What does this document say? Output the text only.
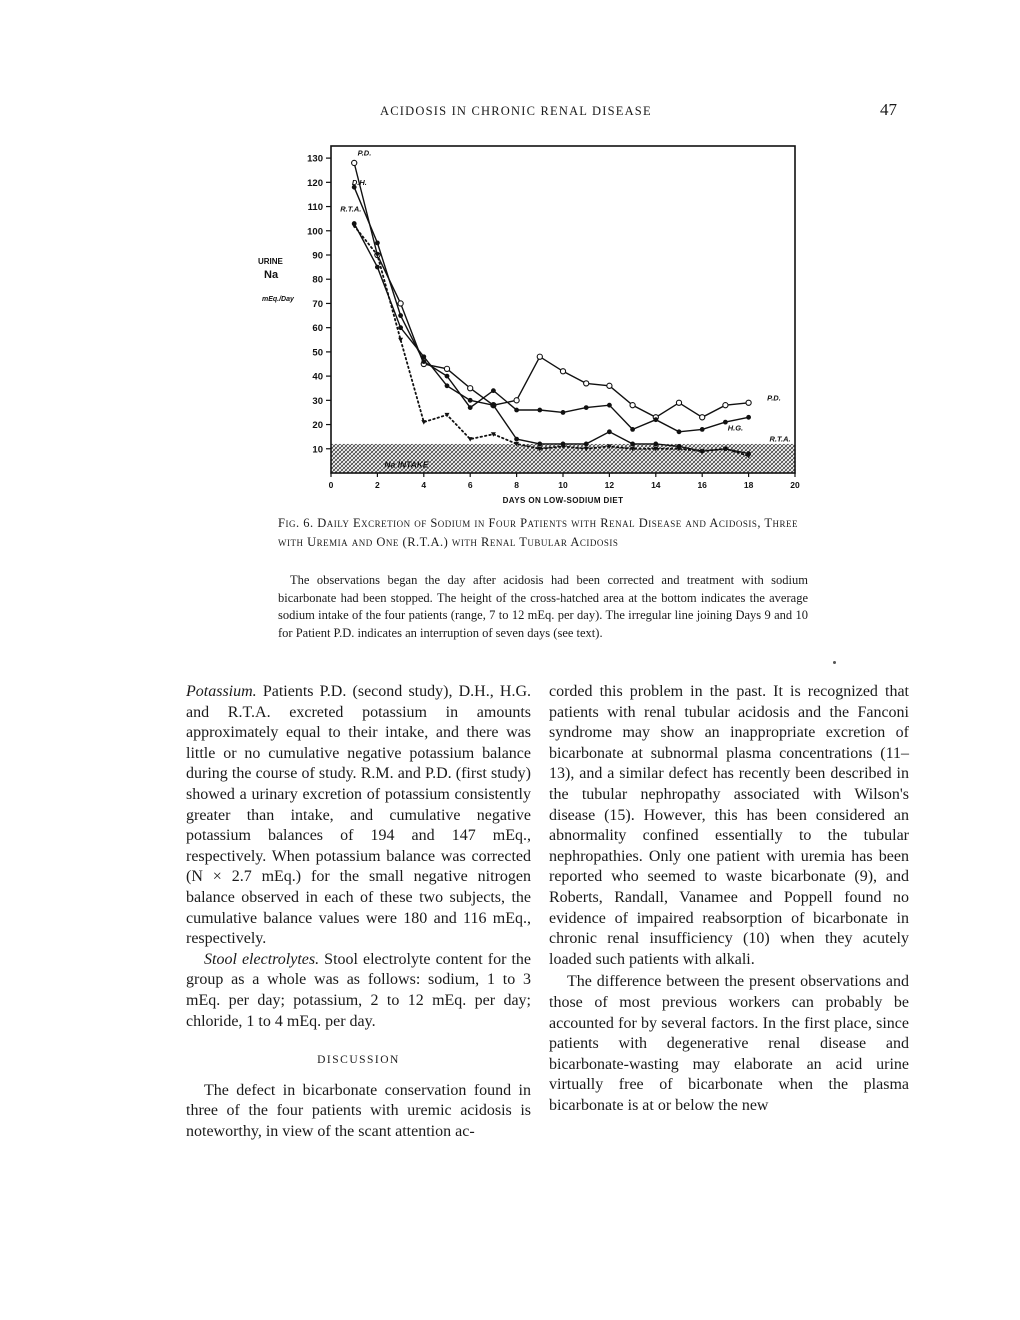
ACIDOSIS IN CHRONIC RENAL DISEASE	47
Na INTAKE
10
20
30
40
50
60
70
80
90
100
110
120
130
0	2	4	6	8	10	12	14	16	18	20
DAYS ON LOW-SODIUM DIET
URINE
Na
mEq./Day
P.D.
D.H.
R.T.A.
H.G.
R.T.A.
P.D.
Fig. 6. Daily Excretion of Sodium in Four Patients with Renal Disease and Acidosis, Three with Uremia and One (R.T.A.) with Renal Tubular Acidosis
The observations began the day after acidosis had been corrected and treatment with sodium bicarbonate had been stopped. The height of the cross-hatched area at the bottom indicates the average sodium intake of the four patients (range, 7 to 12 mEq. per day). The irregular line joining Days 9 and 10 for Patient P.D. indicates an interruption of seven days (see text).

Potassium. Patients P.D. (second study), D.H., H.G. and R.T.A. excreted potassium in amounts approximately equal to their intake, and there was little or no cumulative negative potassium balance during the course of study. R.M. and P.D. (first study) showed a urinary excretion of potassium consistently greater than intake, and cumulative negative potassium balances of 194 and 147 mEq., respectively. When potassium balance was corrected (N × 2.7 mEq.) for the small negative nitrogen balance observed in each of these two subjects, the cumulative balance values were 180 and 116 mEq., respectively.

Stool electrolytes. Stool electrolyte content for the group as a whole was as follows: sodium, 1 to 3 mEq. per day; potassium, 2 to 12 mEq. per day; chloride, 1 to 4 mEq. per day.

DISCUSSION

The defect in bicarbonate conservation found in three of the four patients with uremic acidosis is noteworthy, in view of the scant attention ac-

corded this problem in the past. It is recognized that patients with renal tubular acidosis and the Fanconi syndrome may show an inappropriate excretion of bicarbonate at subnormal plasma concentrations (11–13), and a similar defect has recently been described in the tubular nephropathy associated with Wilson's disease (15). However, this has been considered an abnormality confined essentially to the tubular nephropathies. Only one patient with uremia has been reported who seemed to waste bicarbonate (9), and Roberts, Randall, Vanamee and Poppell found no evidence of impaired reabsorption of bicarbonate in chronic renal insufficiency (10) when they acutely loaded such patients with alkali.

The difference between the present observations and those of most previous workers can probably be accounted for by several factors. In the first place, since patients with degenerative renal disease and bicarbonate-wasting may elaborate an acid urine virtually free of bicarbonate when the plasma bicarbonate is at or below the new
